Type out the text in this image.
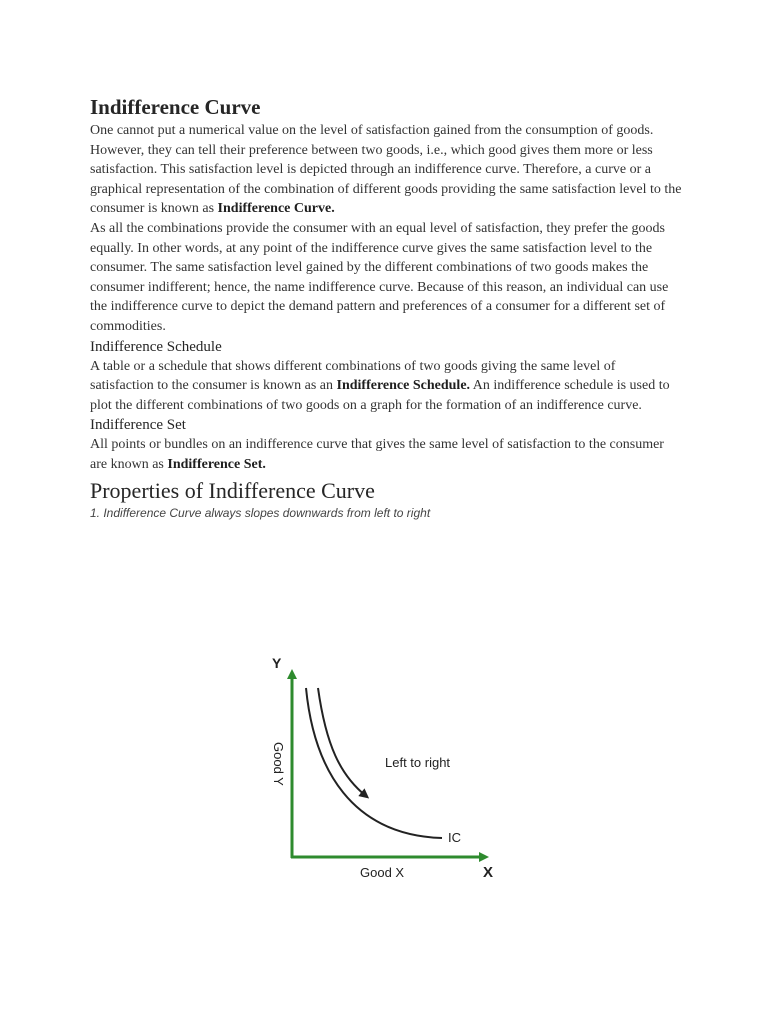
Indifference Curve

One cannot put a numerical value on the level of satisfaction gained from the consumption of goods. However, they can tell their preference between two goods, i.e., which good gives them more or less satisfaction. This satisfaction level is depicted through an indifference curve. Therefore, a curve or a graphical representation of the combination of different goods providing the same satisfaction level to the consumer is known as Indifference Curve.

As all the combinations provide the consumer with an equal level of satisfaction, they prefer the goods equally. In other words, at any point of the indifference curve gives the same satisfaction level to the consumer. The same satisfaction level gained by the different combinations of two goods makes the consumer indifferent; hence, the name indifference curve. Because of this reason, an individual can use the indifference curve to depict the demand pattern and preferences of a consumer for a different set of commodities.

Indifference Schedule

A table or a schedule that shows different combinations of two goods giving the same level of satisfaction to the consumer is known as an Indifference Schedule. An indifference schedule is used to plot the different combinations of two goods on a graph for the formation of an indifference curve.

Indifference Set

All points or bundles on an indifference curve that gives the same level of satisfaction to the consumer are known as Indifference Set.

Properties of Indifference Curve

1. Indifference Curve always slopes downwards from left to right

Y
X
Good Y
Good X
Left to right
IC
